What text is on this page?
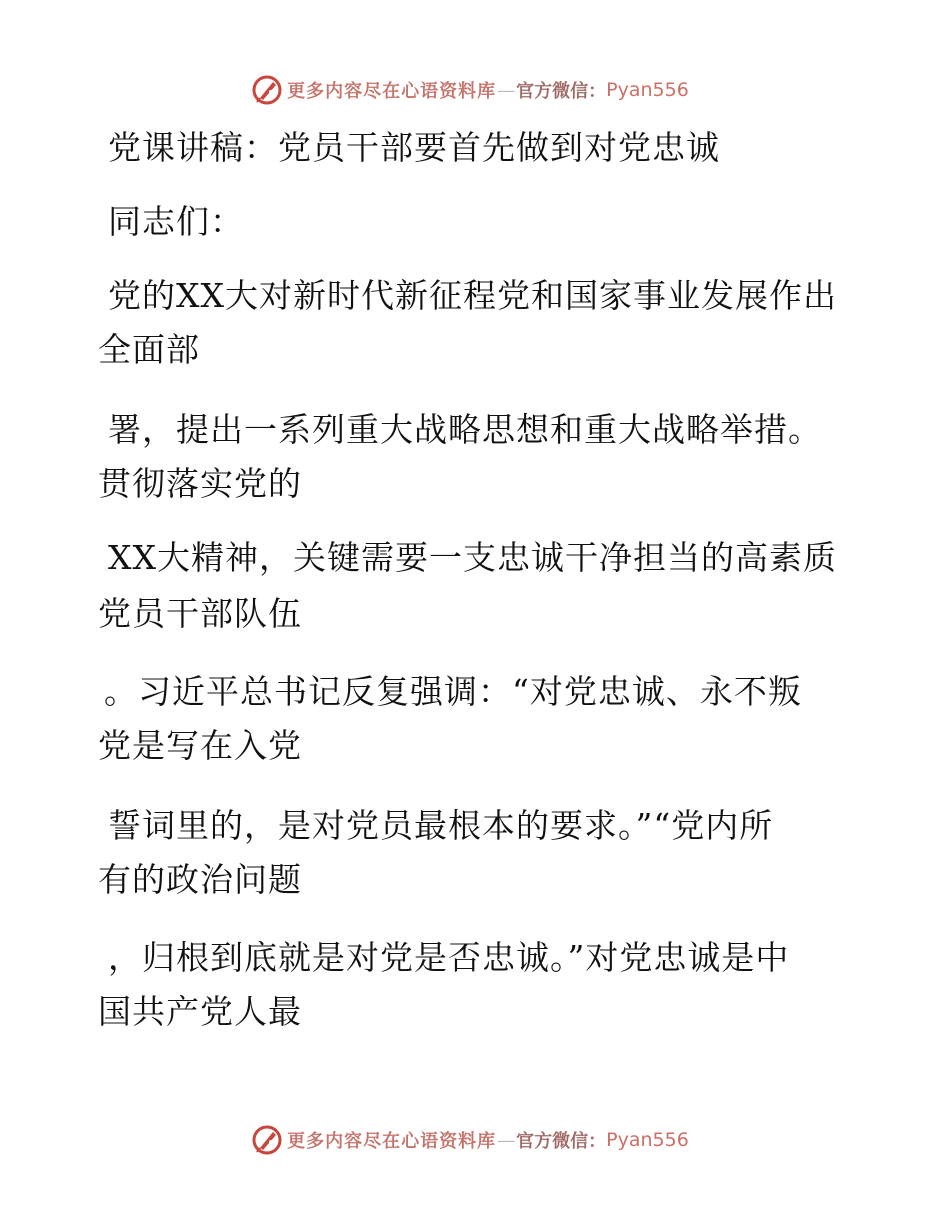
更多内容尽在心语资料库 — 官方微信： Pyan556
党课讲稿：党员干部要首先做到对党忠诚
同志们：
党的XX大对新时代新征程党和国家事业发展作出
全面部
署，提出一系列重大战略思想和重大战略举措。
贯彻落实党的
XX大精神，关键需要一支忠诚干净担当的高素质
党员干部队伍
。习近平总书记反复强调：“对党忠诚、永不叛
党是写在入党
誓词里的，是对党员最根本的要求。”“党内所
有的政治问题
，归根到底就是对党是否忠诚。”对党忠诚是中
国共产党人最
更多内容尽在心语资料库 — 官方微信： Pyan556
